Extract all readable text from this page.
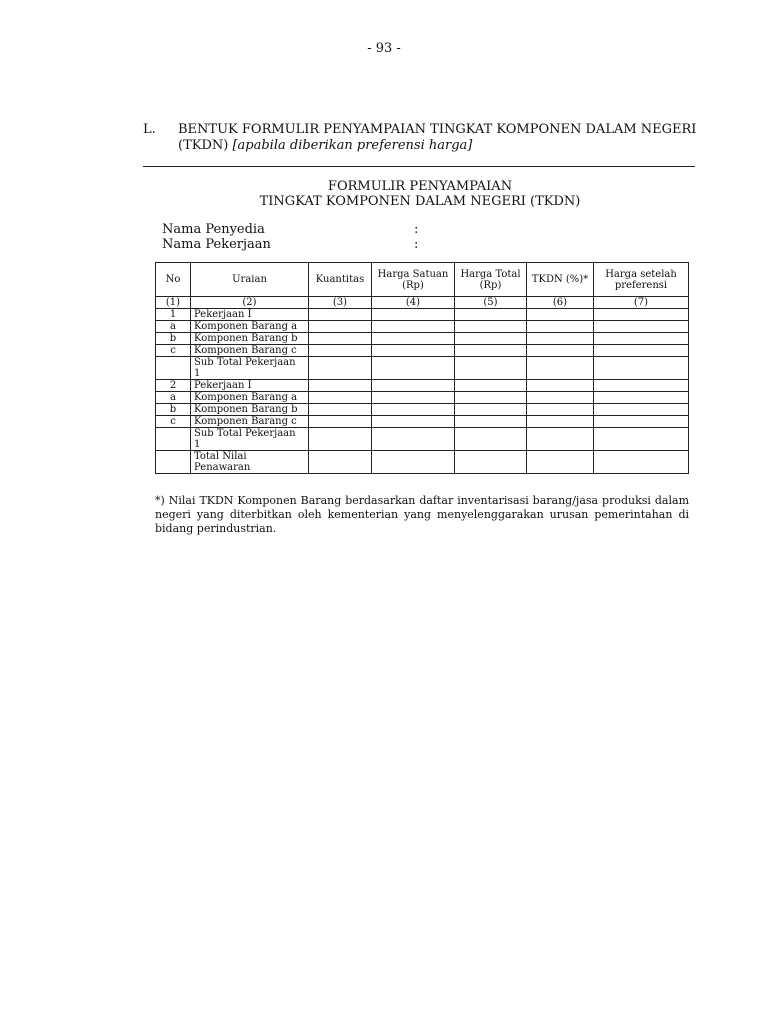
- 93 -
L. BENTUK FORMULIR PENYAMPAIAN TINGKAT KOMPONEN DALAM NEGERI
(TKDN) [apabila diberikan preferensi harga]
FORMULIR PENYAMPAIAN
TINGKAT KOMPONEN DALAM NEGERI (TKDN)
Nama Penyedia	:
Nama Pekerjaan	:
No	Uraian	Kuantitas	Harga Satuan (Rp)	Harga Total (Rp)	TKDN (%)*	Harga setelah preferensi
(1)	(2)	(3)	(4)	(5)	(6)	(7)
1	Pekerjaan I					
a	Komponen Barang a					
b	Komponen Barang b					
c	Komponen Barang c					
	Sub Total Pekerjaan 1					
2	Pekerjaan I					
a	Komponen Barang a					
b	Komponen Barang b					
c	Komponen Barang c					
	Sub Total Pekerjaan 1					
	Total Nilai Penawaran					
*) Nilai TKDN Komponen Barang berdasarkan daftar inventarisasi barang/jasa produksi dalam negeri yang diterbitkan oleh kementerian yang menyelenggarakan urusan pemerintahan di bidang perindustrian.
